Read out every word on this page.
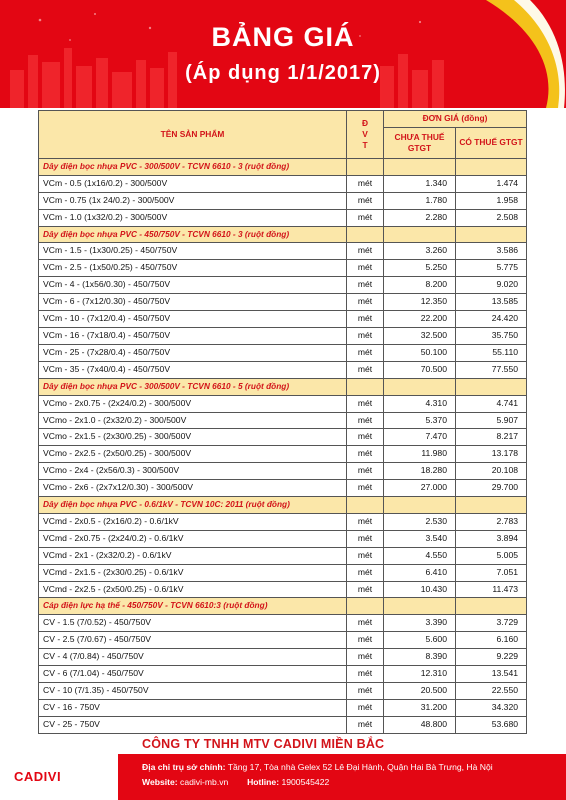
BẢNG GIÁ
(Áp dụng 1/1/2017)
TÊN SẢN PHẨM	Đ V T	ĐƠN GIÁ (đồng)	
		CHƯA THUẾ GTGT	CÓ THUẾ GTGT
Dây điện bọc nhựa PVC - 300/500V - TCVN 6610 - 3 (ruột đồng)			
VCm - 0.5 (1x16/0.2) - 300/500V	mét	1.340	1.474
VCm - 0.75 (1x 24/0.2) - 300/500V	mét	1.780	1.958
VCm - 1.0 (1x32/0.2) - 300/500V	mét	2.280	2.508
Dây điện bọc nhựa PVC - 450/750V - TCVN 6610 - 3 (ruột đồng)			
VCm - 1.5 - (1x30/0.25) - 450/750V	mét	3.260	3.586
VCm - 2.5 - (1x50/0.25) - 450/750V	mét	5.250	5.775
VCm - 4 - (1x56/0.30) - 450/750V	mét	8.200	9.020
VCm - 6 - (7x12/0.30) - 450/750V	mét	12.350	13.585
VCm - 10 - (7x12/0.4) - 450/750V	mét	22.200	24.420
VCm - 16 - (7x18/0.4) - 450/750V	mét	32.500	35.750
VCm - 25 - (7x28/0.4) - 450/750V	mét	50.100	55.110
VCm - 35 - (7x40/0.4) - 450/750V	mét	70.500	77.550
Dây điện bọc nhựa PVC - 300/500V - TCVN 6610 - 5 (ruột đồng)			
VCmo - 2x0.75 - (2x24/0.2) - 300/500V	mét	4.310	4.741
VCmo - 2x1.0 - (2x32/0.2) - 300/500V	mét	5.370	5.907
VCmo - 2x1.5 - (2x30/0.25) - 300/500V	mét	7.470	8.217
VCmo - 2x2.5 - (2x50/0.25) - 300/500V	mét	11.980	13.178
VCmo - 2x4 - (2x56/0.3) - 300/500V	mét	18.280	20.108
VCmo - 2x6 - (2x7x12/0.30) - 300/500V	mét	27.000	29.700
Dây điện bọc nhựa PVC - 0.6/1kV - TCVN 10C: 2011 (ruột đồng)			
VCmd - 2x0.5 - (2x16/0.2) - 0.6/1kV	mét	2.530	2.783
VCmd - 2x0.75 - (2x24/0.2) - 0.6/1kV	mét	3.540	3.894
VCmd - 2x1 - (2x32/0.2) - 0.6/1kV	mét	4.550	5.005
VCmd - 2x1.5 - (2x30/0.25) - 0.6/1kV	mét	6.410	7.051
VCmd - 2x2.5 - (2x50/0.25) - 0.6/1kV	mét	10.430	11.473
Cáp điện lực hạ thế - 450/750V - TCVN 6610:3 (ruột đồng)			
CV - 1.5 (7/0.52) - 450/750V	mét	3.390	3.729
CV - 2.5 (7/0.67) - 450/750V	mét	5.600	6.160
CV - 4 (7/0.84) - 450/750V	mét	8.390	9.229
CV - 6 (7/1.04) - 450/750V	mét	12.310	13.541
CV - 10 (7/1.35) - 450/750V	mét	20.500	22.550
CV - 16 - 750V	mét	31.200	34.320
CV - 25 - 750V	mét	48.800	53.680
CÔNG TY TNHH MTV CADIVI MIỀN BẮC
CADIVI
Địa chỉ trụ sở chính: Tầng 17, Tòa nhà Gelex 52 Lê Đại Hành, Quận Hai Bà Trưng, Hà Nội
Website: cadivi-mb.vn Hotline: 1900545422
